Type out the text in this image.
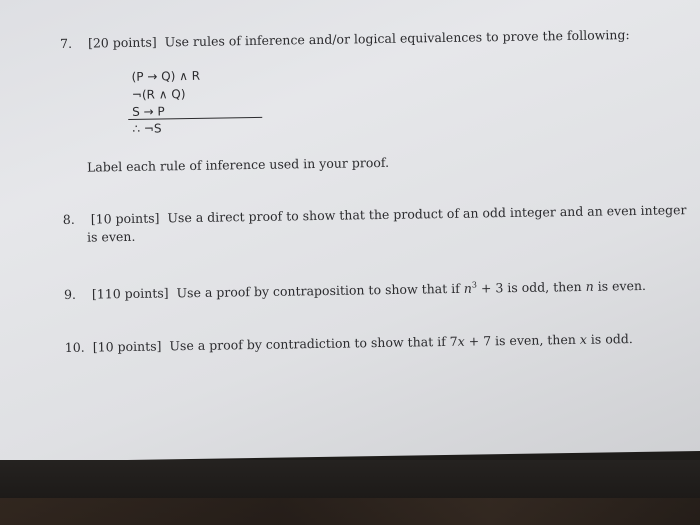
7. [20 points] Use rules of inference and/or logical equivalences to prove the following:
(P → Q) ∧ R
¬(R ∧ Q)
S → P
∴ ¬S
Label each rule of inference used in your proof.
8. [10 points] Use a direct proof to show that the product of an odd integer and an even integer
is even.
9. [110 points] Use a proof by contraposition to show that if $n^3 + 3$ is odd, then n is even.
10. [10 points] Use a proof by contradiction to show that if 7x + 7 is even, then x is odd.
